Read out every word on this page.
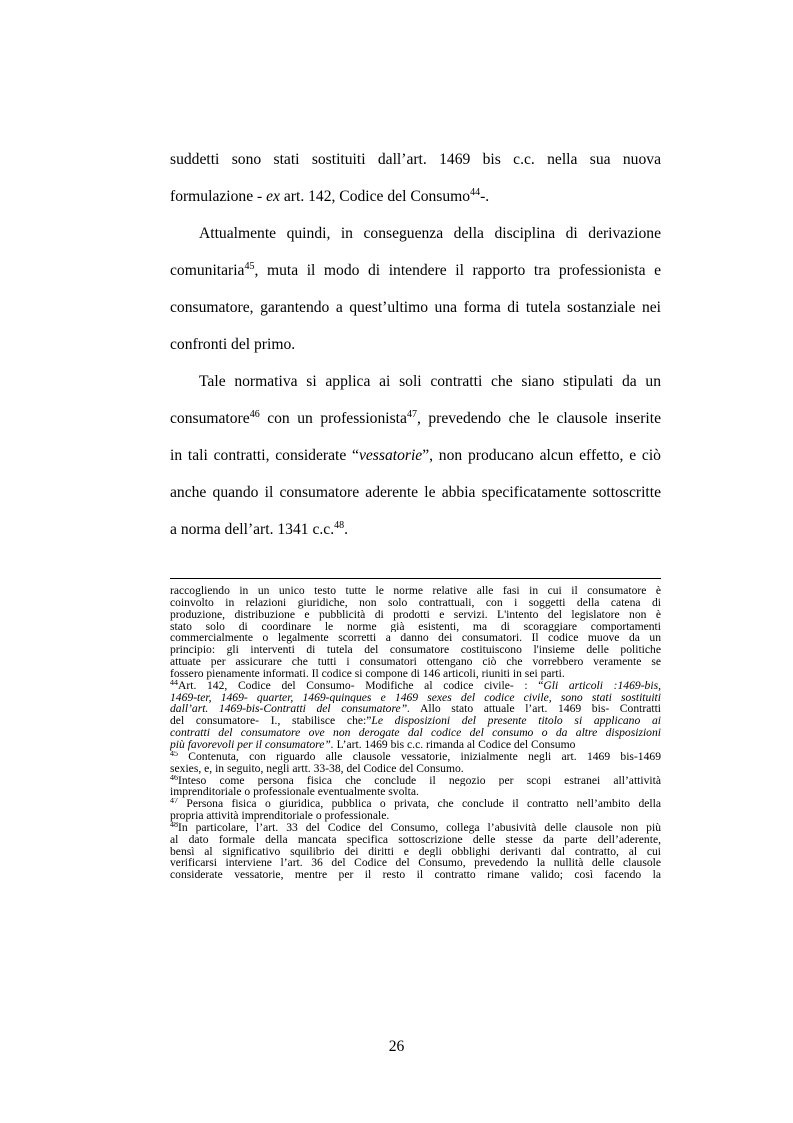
suddetti sono stati sostituiti dall’art. 1469 bis c.c. nella sua nuova
formulazione - ex art. 142, Codice del Consumo$^{44}$-.
Attualmente quindi, in conseguenza della disciplina di derivazione
comunitaria$^{45}$, muta il modo di intendere il rapporto tra professionista e
consumatore, garantendo a quest’ultimo una forma di tutela sostanziale nei
confronti del primo.
Tale normativa si applica ai soli contratti che siano stipulati da un
consumatore$^{46}$ con un professionista$^{47}$, prevedendo che le clausole inserite
in tali contratti, considerate “vessatorie”, non producano alcun effetto, e ciò
anche quando il consumatore aderente le abbia specificatamente sottoscritte
a norma dell’art. 1341 c.c.$^{48}$.
raccogliendo in un unico testo tutte le norme relative alle fasi in cui il consumatore è
coinvolto in relazioni giuridiche, non solo contrattuali, con i soggetti della catena di
produzione, distribuzione e pubblicità di prodotti e servizi. L'intento del legislatore non è
stato solo di coordinare le norme già esistenti, ma di scoraggiare comportamenti
commercialmente o legalmente scorretti a danno dei consumatori. Il codice muove da un
principio: gli interventi di tutela del consumatore costituiscono l'insieme delle politiche
attuate per assicurare che tutti i consumatori ottengano ciò che vorrebbero veramente se
fossero pienamente informati. Il codice si compone di 146 articoli, riuniti in sei parti.
$^{44}$Art. 142, Codice del Consumo- Modifiche al codice civile- : “Gli articoli :1469-bis,
1469-ter, 1469- quarter, 1469-quinques e 1469 sexes del codice civile, sono stati sostituiti
dall’art. 1469-bis-Contratti del consumatore”. Allo stato attuale l’art. 1469 bis- Contratti
del consumatore- I., stabilisce che:”Le disposizioni del presente titolo si applicano ai
contratti del consumatore ove non derogate dal codice del consumo o da altre disposizioni
più favorevoli per il consumatore”. L’art. 1469 bis c.c. rimanda al Codice del Consumo
$^{45}$ Contenuta, con riguardo alle clausole vessatorie, inizialmente negli art. 1469 bis-1469
sexies, e, in seguito, negli artt. 33-38, del Codice del Consumo.
$^{46}$Inteso come persona fisica che conclude il negozio per scopi estranei all’attività
imprenditoriale o professionale eventualmente svolta.
$^{47}$ Persona fisica o giuridica, pubblica o privata, che conclude il contratto nell’ambito della
propria attività imprenditoriale o professionale.
$^{48}$In particolare, l’art. 33 del Codice del Consumo, collega l’abusività delle clausole non più
al dato formale della mancata specifica sottoscrizione delle stesse da parte dell’aderente,
bensì al significativo squilibrio dei diritti e degli obblighi derivanti dal contratto, al cui
verificarsi interviene l’art. 36 del Codice del Consumo, prevedendo la nullità delle clausole
considerate vessatorie, mentre per il resto il contratto rimane valido; così facendo la
26
